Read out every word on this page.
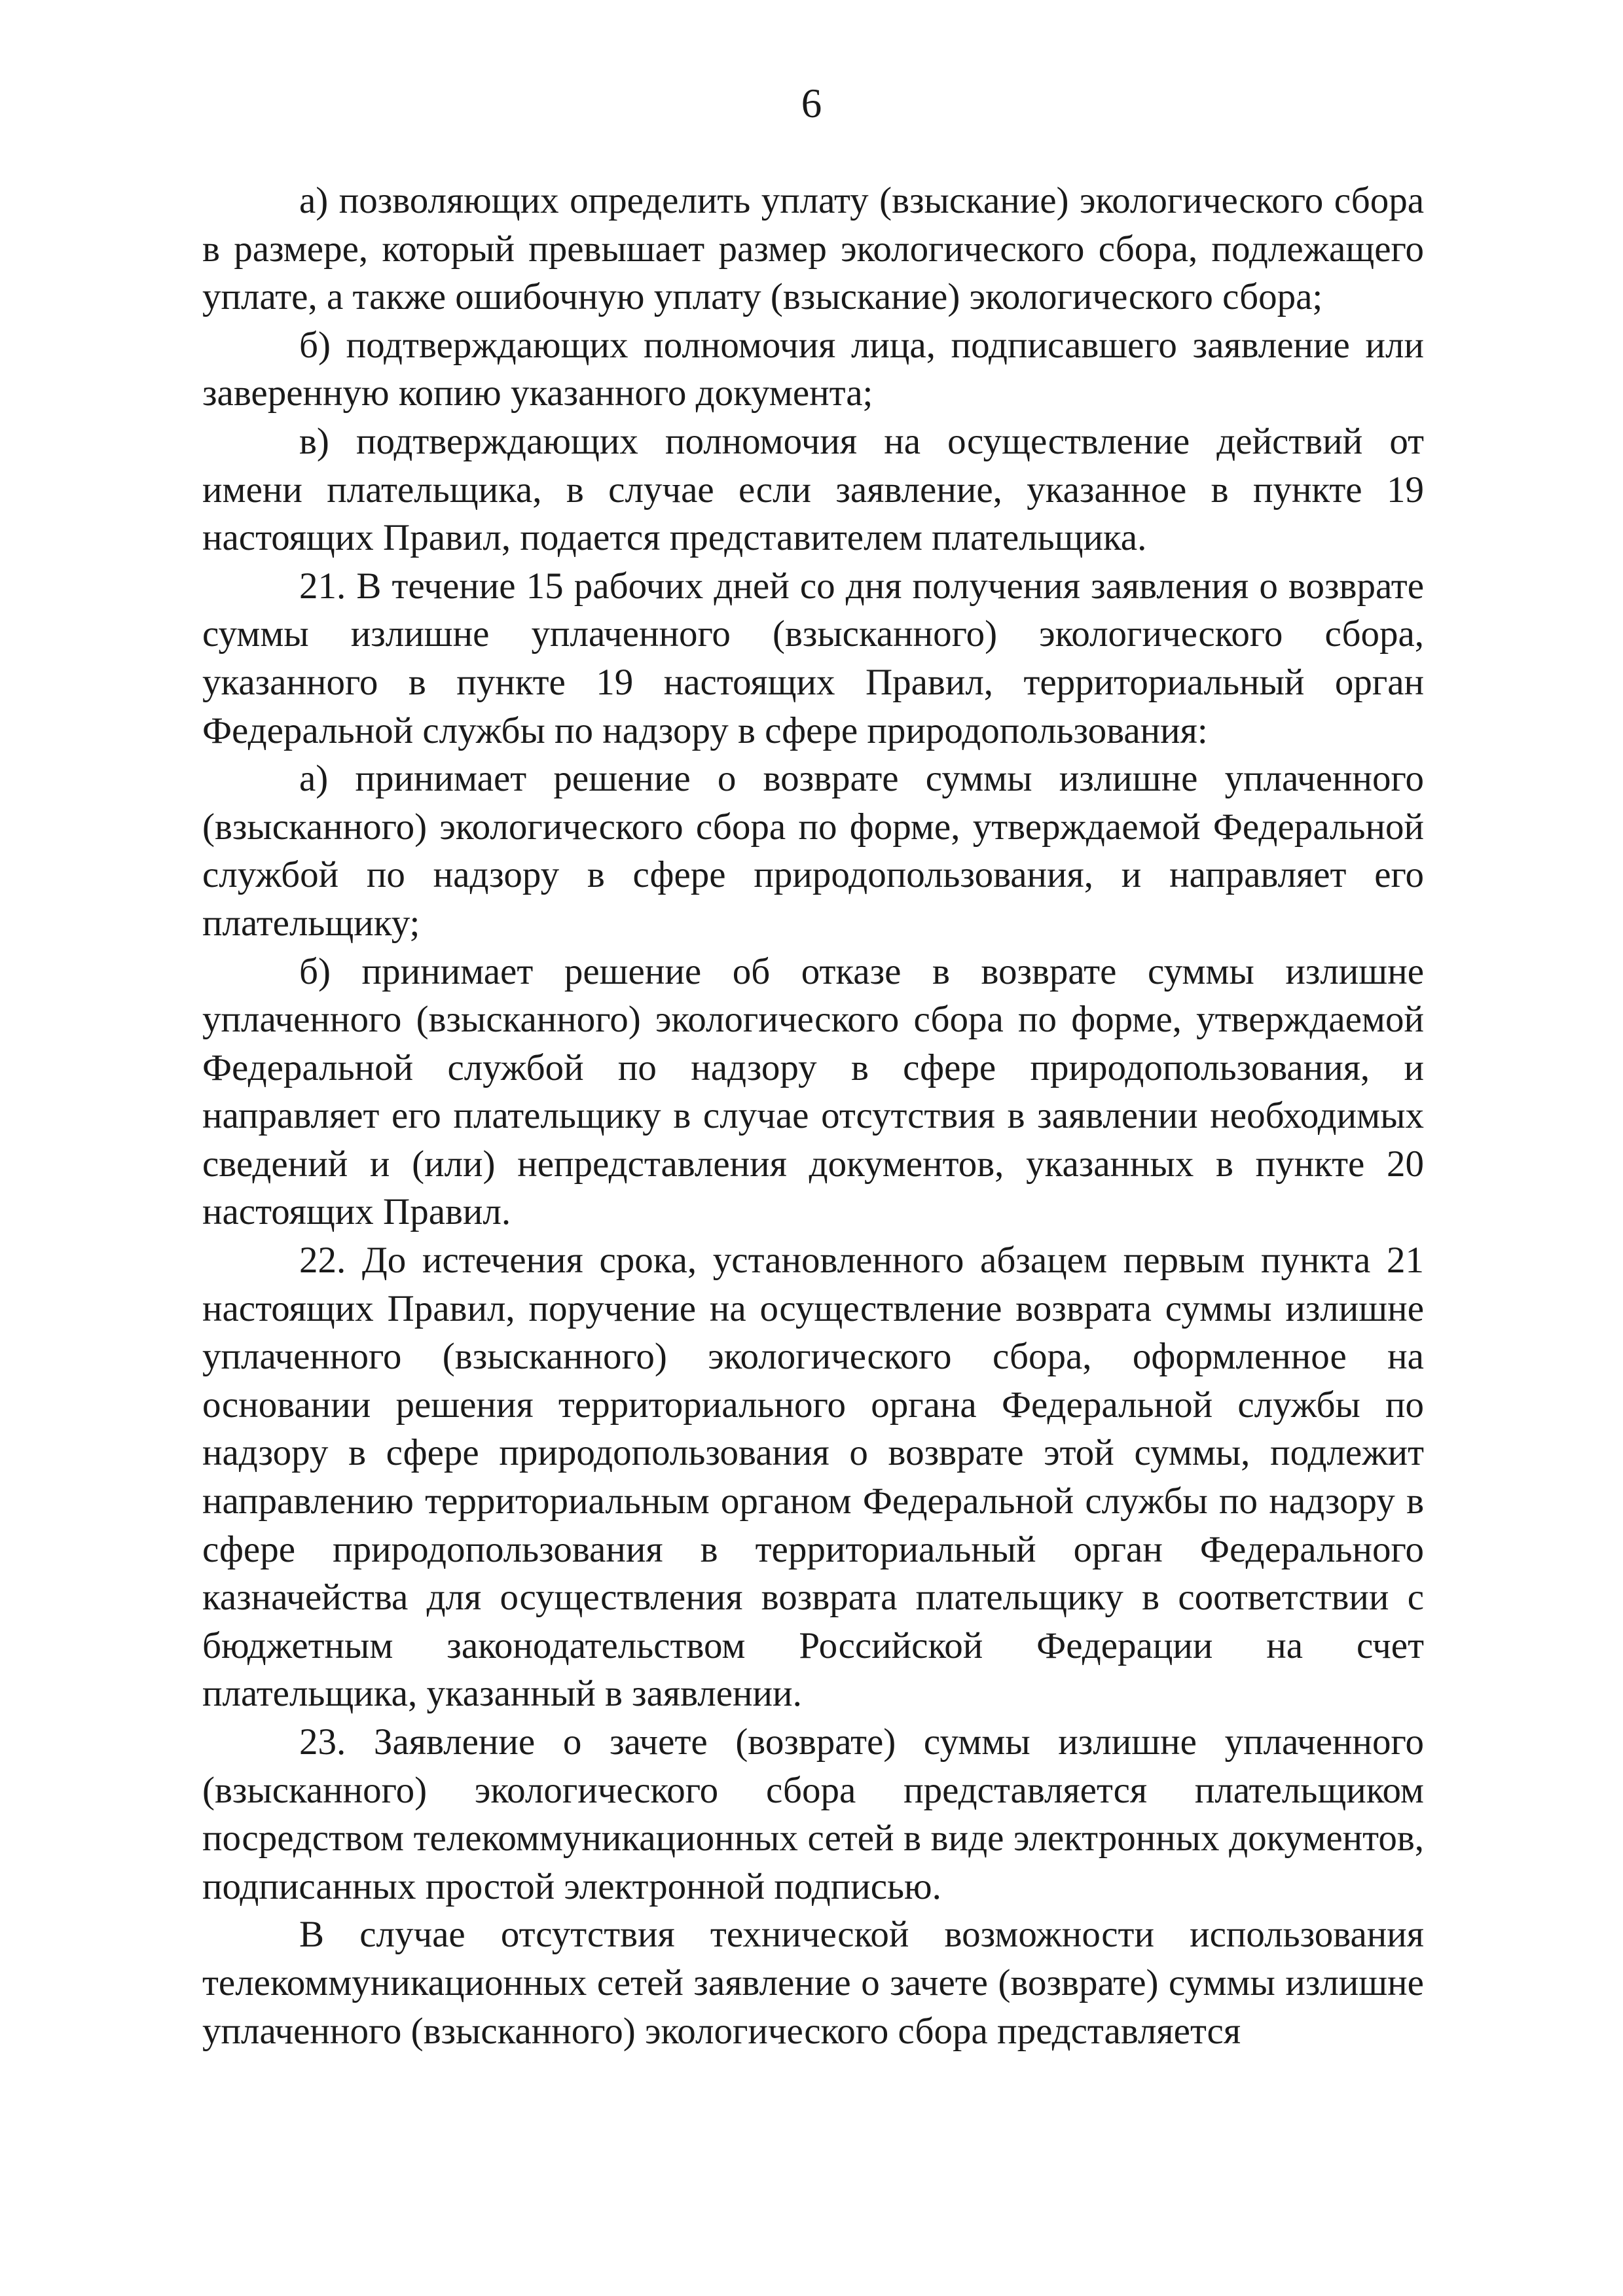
6

а) позволяющих определить уплату (взыскание) экологического сбора в размере, который превышает размер экологического сбора, подлежащего уплате, а также ошибочную уплату (взыскание) экологического сбора;

б) подтверждающих полномочия лица, подписавшего заявление или заверенную копию указанного документа;

в) подтверждающих полномочия на осуществление действий от имени плательщика, в случае если заявление, указанное в пункте 19 настоящих Правил, подается представителем плательщика.

21. В течение 15 рабочих дней со дня получения заявления о возврате суммы излишне уплаченного (взысканного) экологического сбора, указанного в пункте 19 настоящих Правил, территориальный орган Федеральной службы по надзору в сфере природопользования:

а) принимает решение о возврате суммы излишне уплаченного (взысканного) экологического сбора по форме, утверждаемой Федеральной службой по надзору в сфере природопользования, и направляет его плательщику;

б) принимает решение об отказе в возврате суммы излишне уплаченного (взысканного) экологического сбора по форме, утверждаемой Федеральной службой по надзору в сфере природопользования, и направляет его плательщику в случае отсутствия в заявлении необходимых сведений и (или) непредставления документов, указанных в пункте 20 настоящих Правил.

22. До истечения срока, установленного абзацем первым пункта 21 настоящих Правил, поручение на осуществление возврата суммы излишне уплаченного (взысканного) экологического сбора, оформленное на основании решения территориального органа Федеральной службы по надзору в сфере природопользования о возврате этой суммы, подлежит направлению территориальным органом Федеральной службы по надзору в сфере природопользования в территориальный орган Федерального казначейства для осуществления возврата плательщику в соответствии с бюджетным законодательством Российской Федерации на счет плательщика, указанный в заявлении.

23. Заявление о зачете (возврате) суммы излишне уплаченного (взысканного) экологического сбора представляется плательщиком посредством телекоммуникационных сетей в виде электронных документов, подписанных простой электронной подписью.

В случае отсутствия технической возможности использования телекоммуникационных сетей заявление о зачете (возврате) суммы излишне уплаченного (взысканного) экологического сбора представляется
